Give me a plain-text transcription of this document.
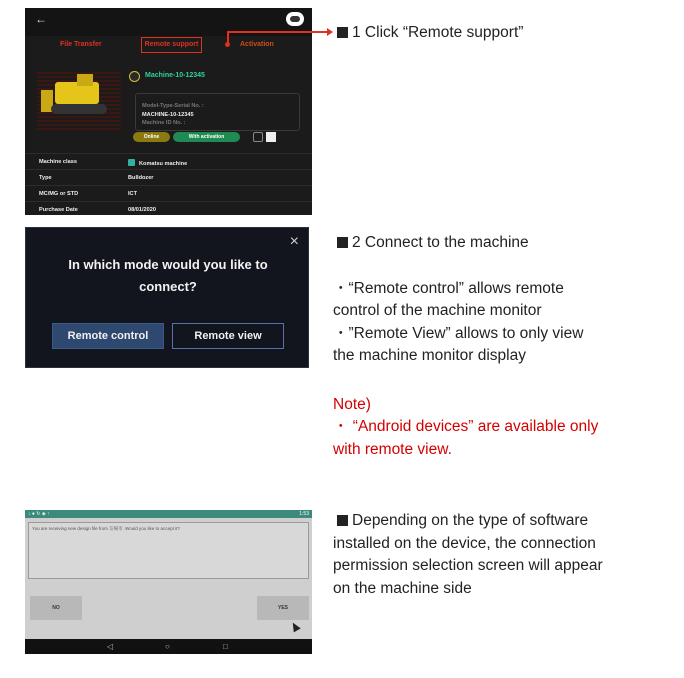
←
File Transfer	Remote support	Activation
Machine-10-12345
Model-Type-Serial No. :
MACHINE-10-12345
Machine ID No. :
Online	With activation
Machine class	Komatsu machine
Type	Bulldozer
MC/MG or STD	ICT
Purchase Date	08/01/2020
1 Click “Remote support”
×
In which mode would you like to
connect?
Remote control	Remote view
2 Connect to the machine
・“Remote control” allows remote
control of the machine monitor
・”Remote View” allows to only view
the machine monitor display
Note)
・ “Android devices” are available only
with remote view.
↓ ● ↻ ◈ ↑	1:53
You are receiving new design file from 友場市. Would you like to accept it?
NO	YES
◁	○	□
Depending on the type of software
installed on the device, the connection
permission selection screen will appear
on the machine side
